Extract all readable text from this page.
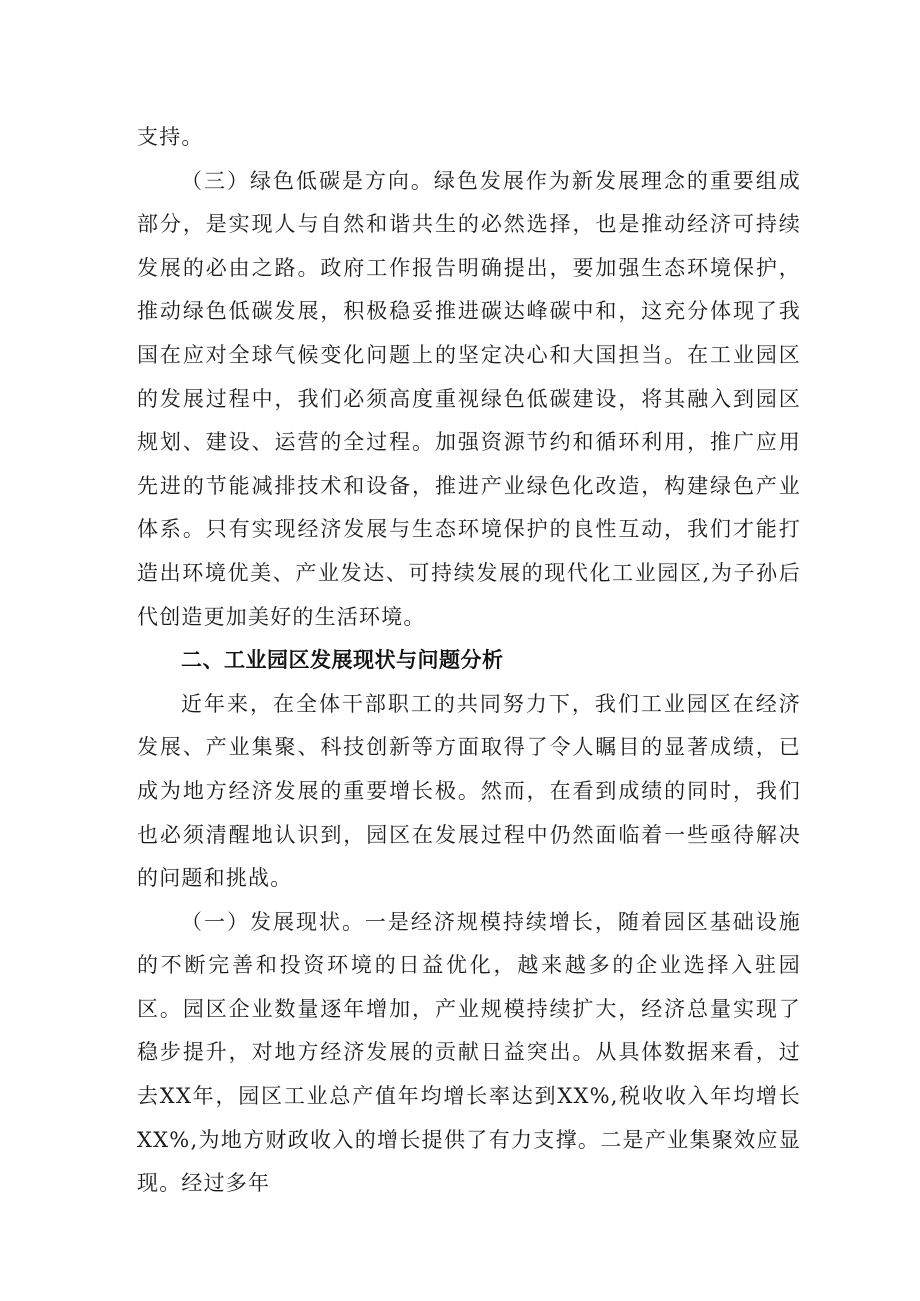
支持。

（三）绿色低碳是方向。绿色发展作为新发展理念的重要组成部分，是实现人与自然和谐共生的必然选择，也是推动经济可持续发展的必由之路。政府工作报告明确提出，要加强生态环境保护，推动绿色低碳发展，积极稳妥推进碳达峰碳中和，这充分体现了我国在应对全球气候变化问题上的坚定决心和大国担当。在工业园区的发展过程中，我们必须高度重视绿色低碳建设，将其融入到园区规划、建设、运营的全过程。加强资源节约和循环利用，推广应用先进的节能减排技术和设备，推进产业绿色化改造，构建绿色产业体系。只有实现经济发展与生态环境保护的良性互动，我们才能打造出环境优美、产业发达、可持续发展的现代化工业园区,为子孙后代创造更加美好的生活环境。

二、工业园区发展现状与问题分析

近年来，在全体干部职工的共同努力下，我们工业园区在经济发展、产业集聚、科技创新等方面取得了令人瞩目的显著成绩，已成为地方经济发展的重要增长极。然而，在看到成绩的同时，我们也必须清醒地认识到，园区在发展过程中仍然面临着一些亟待解决的问题和挑战。

（一）发展现状。一是经济规模持续增长，随着园区基础设施的不断完善和投资环境的日益优化，越来越多的企业选择入驻园区。园区企业数量逐年增加，产业规模持续扩大，经济总量实现了稳步提升，对地方经济发展的贡献日益突出。从具体数据来看，过去XX年，园区工业总产值年均增长率达到XX%,税收收入年均增长XX%,为地方财政收入的增长提供了有力支撑。二是产业集聚效应显现。经过多年
